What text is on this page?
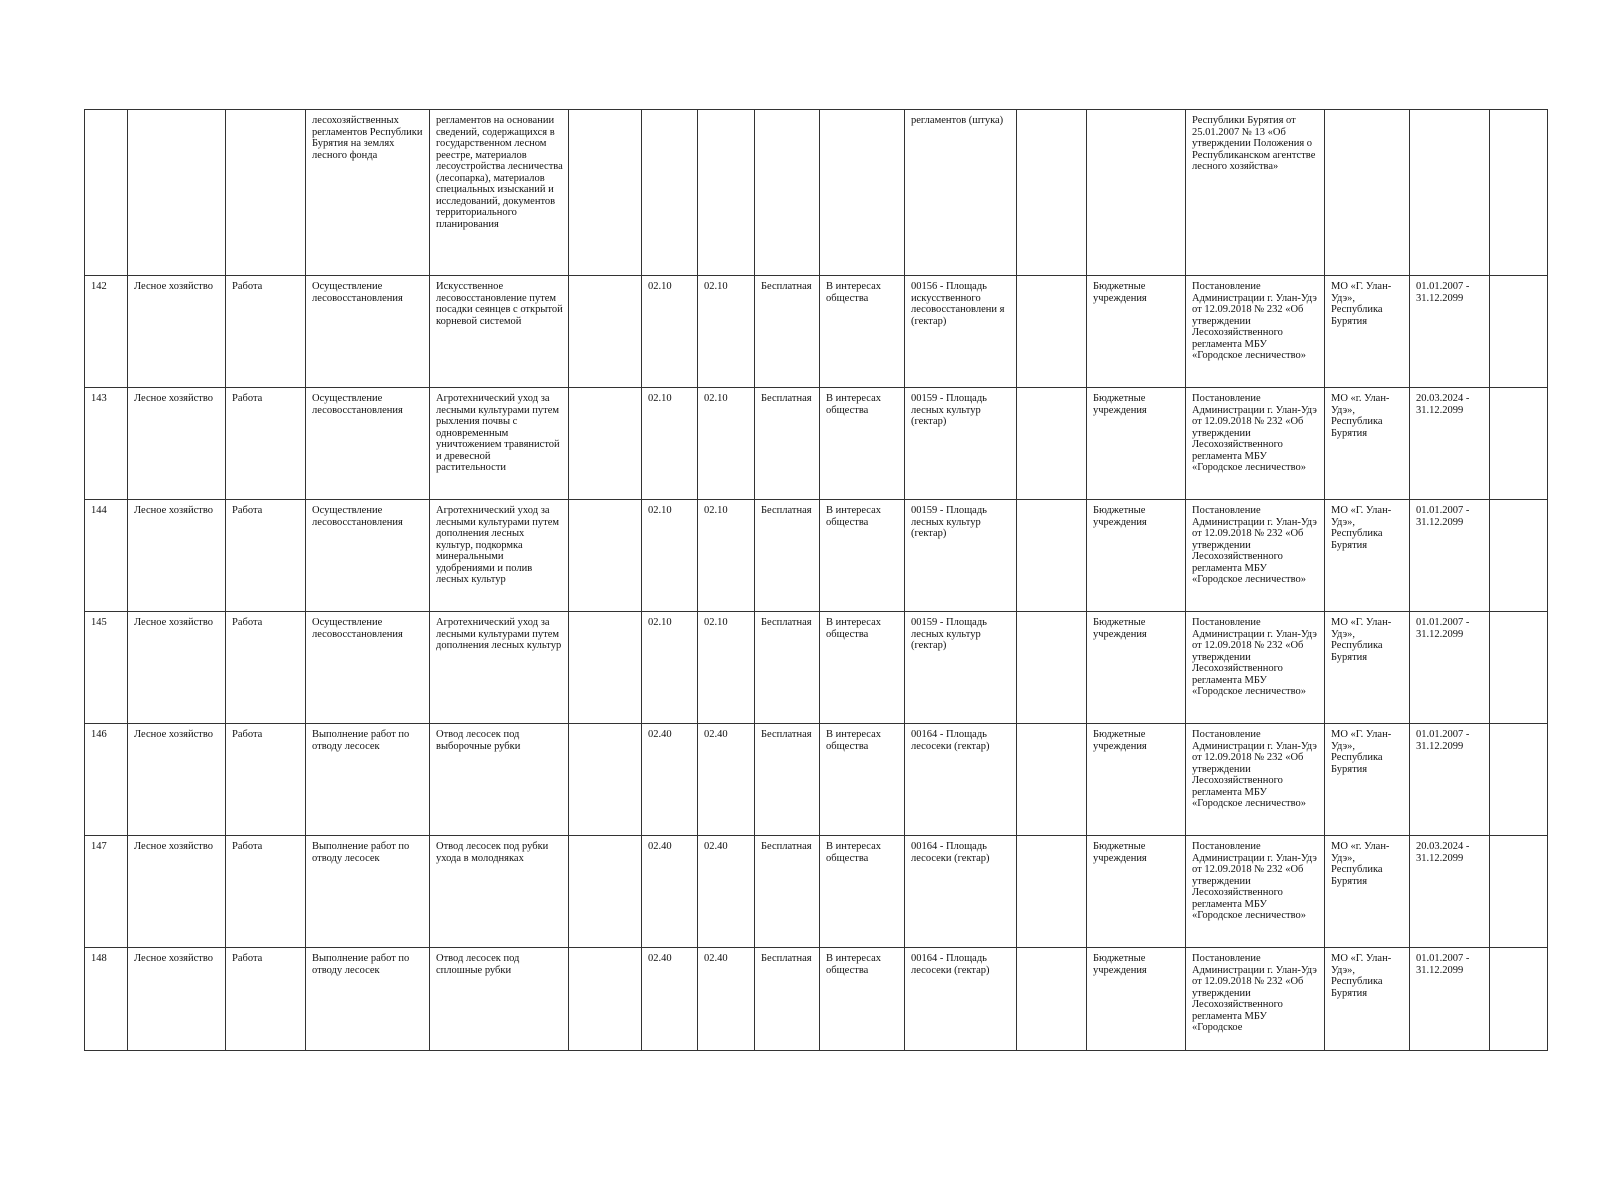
			лесохозяйственных регламентов Республики Бурятия на землях лесного фонда	регламентов на основании сведений, содержащихся в государственном лесном реестре, материалов лесоустройства лесничества (лесопарка), материалов специальных изысканий и исследований, документов территориального планирования						регламентов (штука)			Республики Бурятия от 25.01.2007 № 13 «Об утверждении Положения о Республиканском агентстве лесного хозяйства»			

142	Лесное хозяйство	Работа	Осуществление лесовосстановления	Искусственное лесовосстановление путем посадки сеянцев с открытой корневой системой		02.10	02.10	Бесплатная	В интересах общества	00156 - Площадь искусственного лесовосстановлени я (гектар)		Бюджетные учреждения	Постановление Администрации г. Улан-Удэ от 12.09.2018 № 232 «Об утверждении Лесохозяйственного регламента МБУ «Городское лесничество»	МО «Г. Улан-Удэ», Республика Бурятия	01.01.2007 - 31.12.2099	

143	Лесное хозяйство	Работа	Осуществление лесовосстановления	Агротехнический уход за лесными культурами путем рыхления почвы с одновременным уничтожением травянистой и древесной растительности		02.10	02.10	Бесплатная	В интересах общества	00159 - Площадь лесных культур (гектар)		Бюджетные учреждения	Постановление Администрации г. Улан-Удэ от 12.09.2018 № 232 «Об утверждении Лесохозяйственного регламента МБУ «Городское лесничество»	МО «г. Улан-Удэ», Республика Бурятия	20.03.2024 - 31.12.2099	

144	Лесное хозяйство	Работа	Осуществление лесовосстановления	Агротехнический уход за лесными культурами путем дополнения лесных культур, подкормка минеральными удобрениями и полив лесных культур		02.10	02.10	Бесплатная	В интересах общества	00159 - Площадь лесных культур (гектар)		Бюджетные учреждения	Постановление Администрации г. Улан-Удэ от 12.09.2018 № 232 «Об утверждении Лесохозяйственного регламента МБУ «Городское лесничество»	МО «Г. Улан-Удэ», Республика Бурятия	01.01.2007 - 31.12.2099	

145	Лесное хозяйство	Работа	Осуществление лесовосстановления	Агротехнический уход за лесными культурами путем дополнения лесных культур		02.10	02.10	Бесплатная	В интересах общества	00159 - Площадь лесных культур (гектар)		Бюджетные учреждения	Постановление Администрации г. Улан-Удэ от 12.09.2018 № 232 «Об утверждении Лесохозяйственного регламента МБУ «Городское лесничество»	МО «Г. Улан-Удэ», Республика Бурятия	01.01.2007 - 31.12.2099	

146	Лесное хозяйство	Работа	Выполнение работ по отводу лесосек	Отвод лесосек под выборочные рубки		02.40	02.40	Бесплатная	В интересах общества	00164 - Площадь лесосеки (гектар)		Бюджетные учреждения	Постановление Администрации г. Улан-Удэ от 12.09.2018 № 232 «Об утверждении Лесохозяйственного регламента МБУ «Городское лесничество»	МО «Г. Улан-Удэ», Республика Бурятия	01.01.2007 - 31.12.2099	

147	Лесное хозяйство	Работа	Выполнение работ по отводу лесосек	Отвод лесосек под рубки ухода в молодняках		02.40	02.40	Бесплатная	В интересах общества	00164 - Площадь лесосеки (гектар)		Бюджетные учреждения	Постановление Администрации г. Улан-Удэ от 12.09.2018 № 232 «Об утверждении Лесохозяйственного регламента МБУ «Городское лесничество»	МО «г. Улан-Удэ», Республика Бурятия	20.03.2024 - 31.12.2099	

148	Лесное хозяйство	Работа	Выполнение работ по отводу лесосек	Отвод лесосек под сплошные рубки		02.40	02.40	Бесплатная	В интересах общества	00164 - Площадь лесосеки (гектар)		Бюджетные учреждения	Постановление Администрации г. Улан-Удэ от 12.09.2018 № 232 «Об утверждении Лесохозяйственного регламента МБУ «Городское	МО «Г. Улан-Удэ», Республика Бурятия	01.01.2007 - 31.12.2099	
